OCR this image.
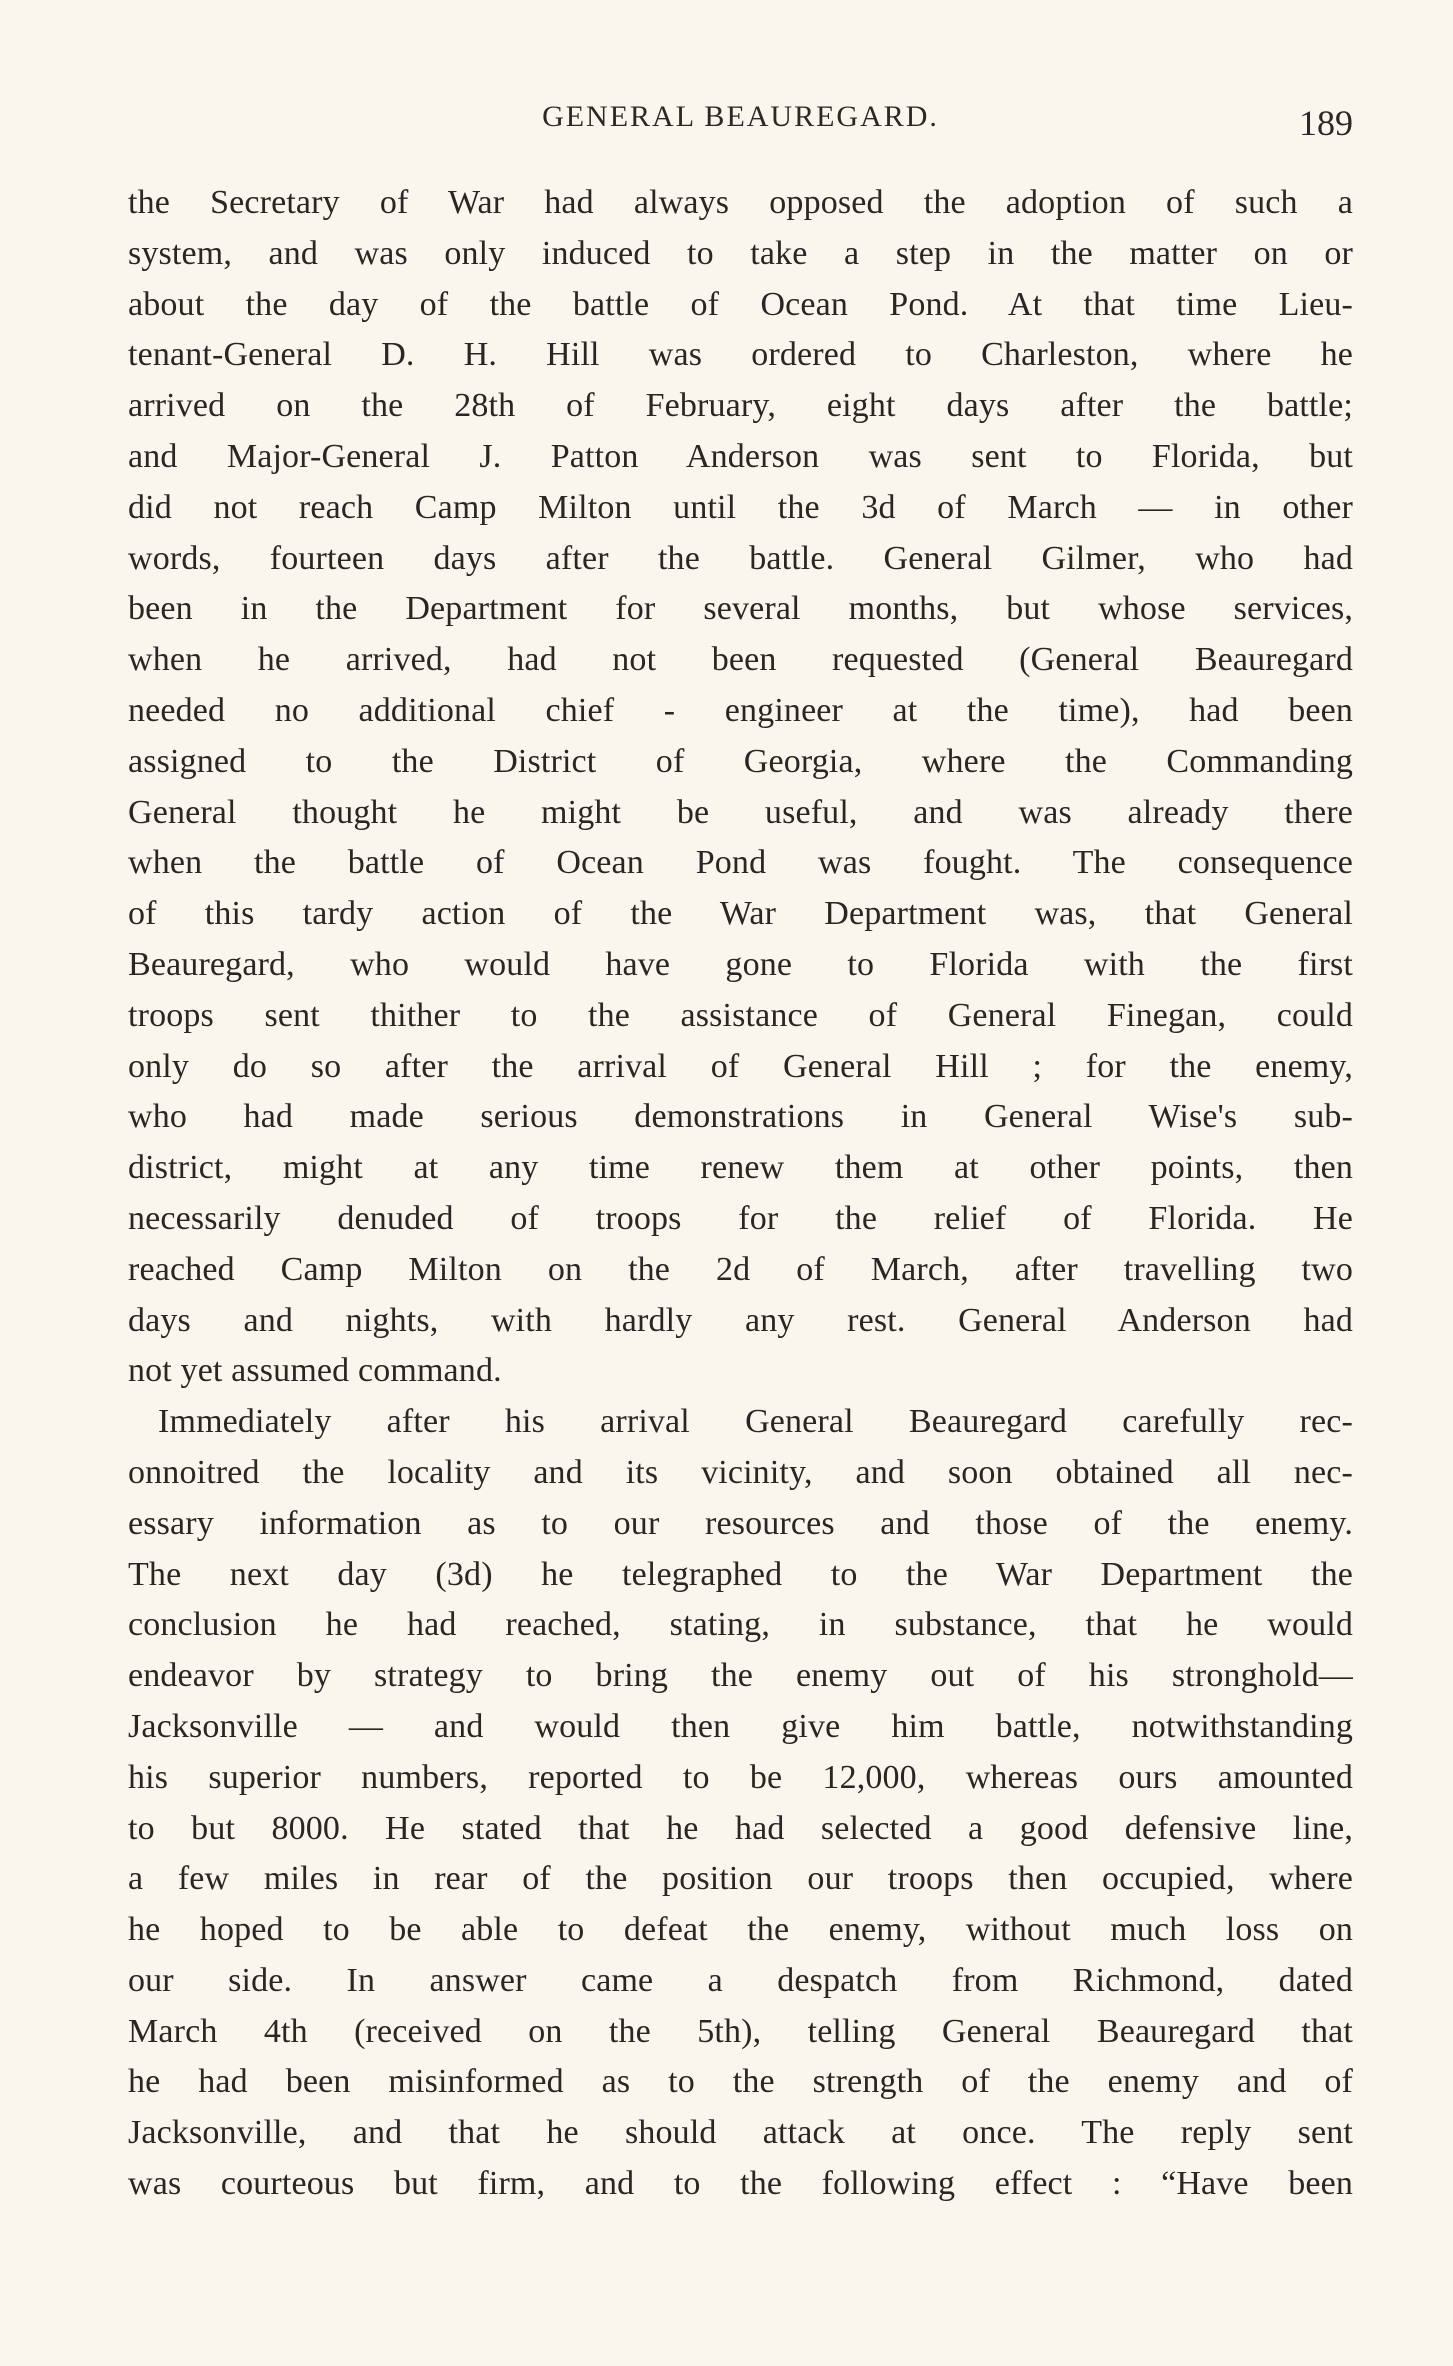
GENERAL BEAUREGARD.	189
the Secretary of War had always opposed the adoption of such a
system, and was only induced to take a step in the matter on or
about the day of the battle of Ocean Pond. At that time Lieu-
tenant-General D. H. Hill was ordered to Charleston, where he
arrived on the 28th of February, eight days after the battle;
and Major-General J. Patton Anderson was sent to Florida, but
did not reach Camp Milton until the 3d of March — in other
words, fourteen days after the battle. General Gilmer, who had
been in the Department for several months, but whose services,
when he arrived, had not been requested (General Beauregard
needed no additional chief - engineer at the time), had been
assigned to the District of Georgia, where the Commanding
General thought he might be useful, and was already there
when the battle of Ocean Pond was fought. The consequence
of this tardy action of the War Department was, that General
Beauregard, who would have gone to Florida with the first
troops sent thither to the assistance of General Finegan, could
only do so after the arrival of General Hill ; for the enemy,
who had made serious demonstrations in General Wise's sub-
district, might at any time renew them at other points, then
necessarily denuded of troops for the relief of Florida. He
reached Camp Milton on the 2d of March, after travelling two
days and nights, with hardly any rest. General Anderson had
not yet assumed command.
Immediately after his arrival General Beauregard carefully rec-
onnoitred the locality and its vicinity, and soon obtained all nec-
essary information as to our resources and those of the enemy.
The next day (3d) he telegraphed to the War Department the
conclusion he had reached, stating, in substance, that he would
endeavor by strategy to bring the enemy out of his stronghold—
Jacksonville — and would then give him battle, notwithstanding
his superior numbers, reported to be 12,000, whereas ours amounted
to but 8000. He stated that he had selected a good defensive line,
a few miles in rear of the position our troops then occupied, where
he hoped to be able to defeat the enemy, without much loss on
our side. In answer came a despatch from Richmond, dated
March 4th (received on the 5th), telling General Beauregard that
he had been misinformed as to the strength of the enemy and of
Jacksonville, and that he should attack at once. The reply sent
was courteous but firm, and to the following effect : “Have been
